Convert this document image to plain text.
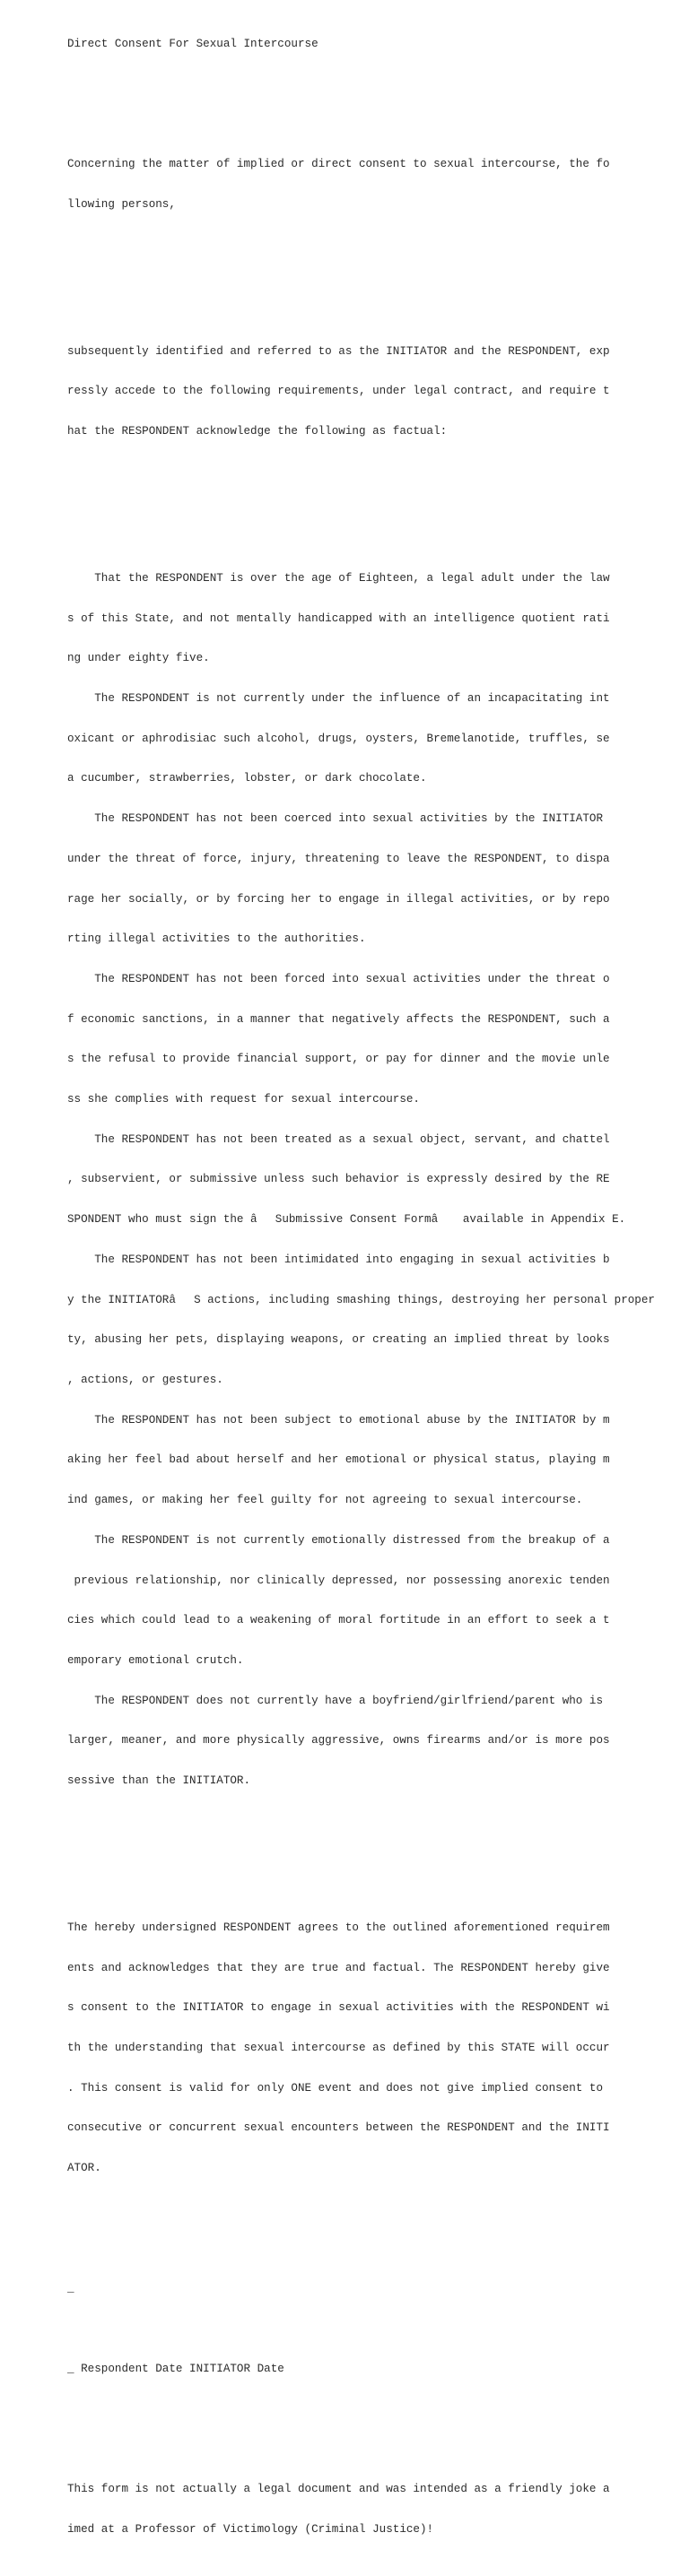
Direct Consent For Sexual Intercourse

Concerning the matter of implied or direct consent to sexual intercourse, the fo

llowing persons,

subsequently identified and referred to as the INITIATOR and the RESPONDENT, exp

ressly accede to the following requirements, under legal contract, and require t

hat the RESPONDENT acknowledge the following as factual:

That the RESPONDENT is over the age of Eighteen, a legal adult under the law

s of this State, and not mentally handicapped with an intelligence quotient rati

ng under eighty five.

The RESPONDENT is not currently under the influence of an incapacitating int

oxicant or aphrodisiac such alcohol, drugs, oysters, Bremelanotide, truffles, se

a cucumber, strawberries, lobster, or dark chocolate.

The RESPONDENT has not been coerced into sexual activities by the INITIATOR

under the threat of force, injury, threatening to leave the RESPONDENT, to dispa

rage her socially, or by forcing her to engage in illegal activities, or by repo

rting illegal activities to the authorities.

The RESPONDENT has not been forced into sexual activities under the threat o

f economic sanctions, in a manner that negatively affects the RESPONDENT, such a

s the refusal to provide financial support, or pay for dinner and the movie unle

ss she complies with request for sexual intercourse.

The RESPONDENT has not been treated as a sexual object, servant, and chattel

, subservient, or submissive unless such behavior is expressly desired by the RE

SPONDENT who must sign the âSubmissive Consent Formâ available in Appendix E.

The RESPONDENT has not been intimidated into engaging in sexual activities b

y the INITIATORâS actions, including smashing things, destroying her personal proper

ty, abusing her pets, displaying weapons, or creating an implied threat by looks

, actions, or gestures.

The RESPONDENT has not been subject to emotional abuse by the INITIATOR by m

aking her feel bad about herself and her emotional or physical status, playing m

ind games, or making her feel guilty for not agreeing to sexual intercourse.

The RESPONDENT is not currently emotionally distressed from the breakup of a

previous relationship, nor clinically depressed, nor possessing anorexic tenden

cies which could lead to a weakening of moral fortitude in an effort to seek a t

emporary emotional crutch.

The RESPONDENT does not currently have a boyfriend/girlfriend/parent who is

larger, meaner, and more physically aggressive, owns firearms and/or is more pos

sessive than the INITIATOR.

The hereby undersigned RESPONDENT agrees to the outlined aforementioned requirem

ents and acknowledges that they are true and factual. The RESPONDENT hereby give

s consent to the INITIATOR to engage in sexual activities with the RESPONDENT wi

th the understanding that sexual intercourse as defined by this STATE will occur

. This consent is valid for only ONE event and does not give implied consent to

consecutive or concurrent sexual encounters between the RESPONDENT and the INITI

ATOR.

_

_ Respondent Date INITIATOR Date

This form is not actually a legal document and was intended as a friendly joke a

imed at a Professor of Victimology (Criminal Justice)!
